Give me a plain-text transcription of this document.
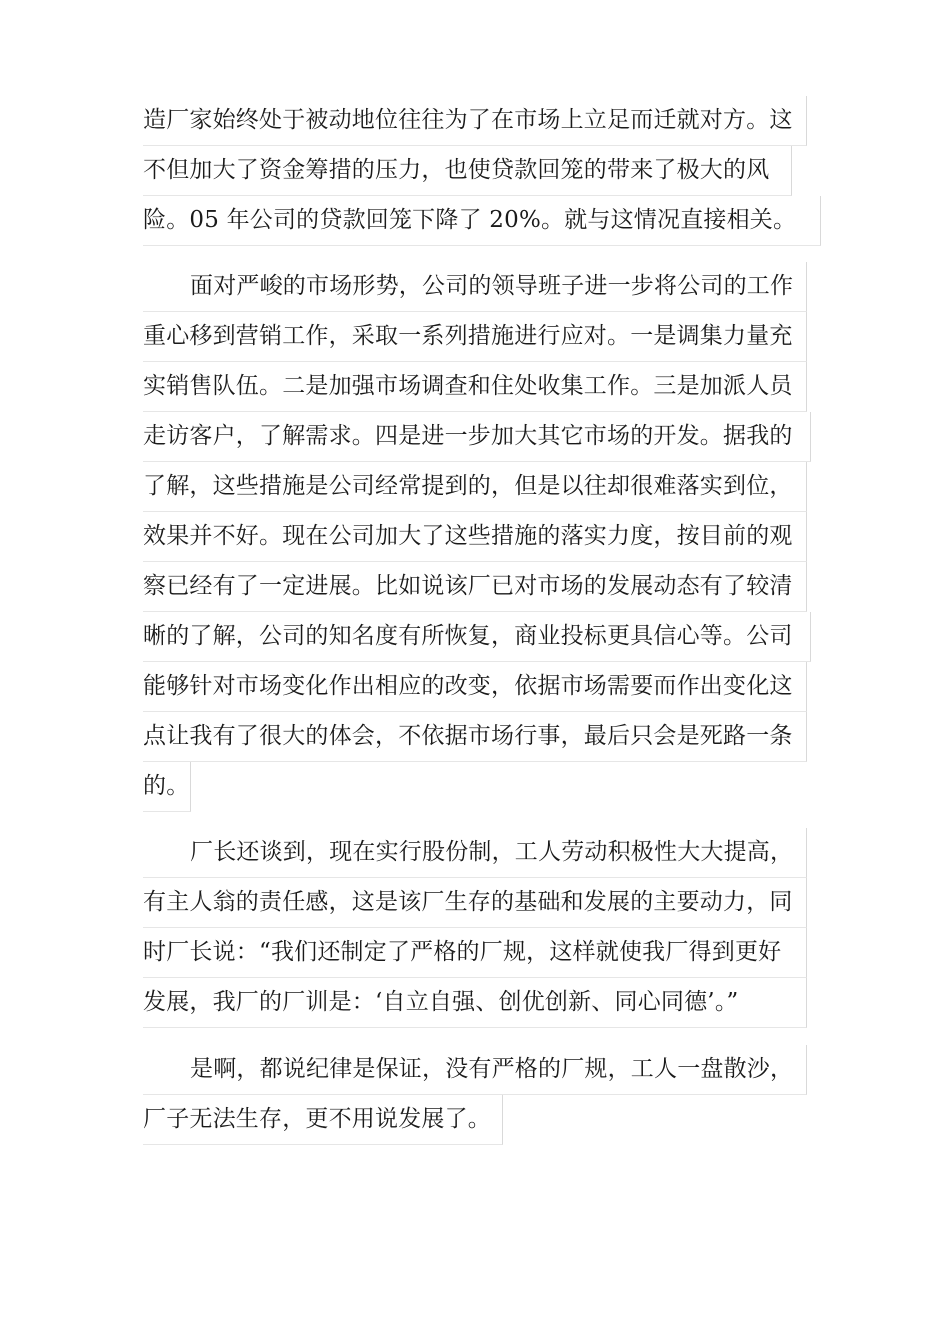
造厂家始终处于被动地位往往为了在市场上立足而迁就对方。这
不但加大了资金筹措的压力，也使贷款回笼的带来了极大的风
险。05 年公司的贷款回笼下降了 20%。就与这情况直接相关。
面对严峻的市场形势，公司的领导班子进一步将公司的工作
重心移到营销工作，采取一系列措施进行应对。一是调集力量充
实销售队伍。二是加强市场调查和住处收集工作。三是加派人员
走访客户，了解需求。四是进一步加大其它市场的开发。据我的
了解，这些措施是公司经常提到的，但是以往却很难落实到位，
效果并不好。现在公司加大了这些措施的落实力度，按目前的观
察已经有了一定进展。比如说该厂已对市场的发展动态有了较清
晰的了解，公司的知名度有所恢复，商业投标更具信心等。公司
能够针对市场变化作出相应的改变，依据市场需要而作出变化这
点让我有了很大的体会，不依据市场行事，最后只会是死路一条
的。
厂长还谈到，现在实行股份制，工人劳动积极性大大提高，
有主人翁的责任感，这是该厂生存的基础和发展的主要动力，同
时厂长说：“我们还制定了严格的厂规，这样就使我厂得到更好
发展，我厂的厂训是：‘自立自强、创优创新、同心同德’。”
是啊，都说纪律是保证，没有严格的厂规，工人一盘散沙，
厂子无法生存，更不用说发展了。
